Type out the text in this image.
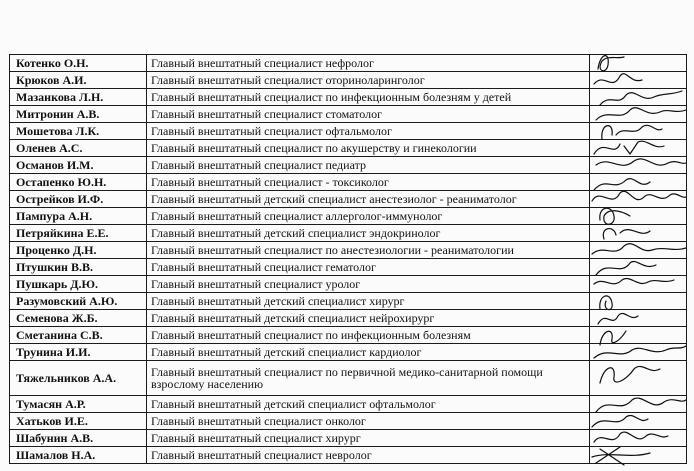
Котенко О.Н.	Главный внештатный специалист нефролог	

Крюков А.И.	Главный внештатный специалист оториноларинголог	

Мазанкова Л.Н.	Главный внештатный специалист по инфекционным болезням у детей	

Митронин А.В.	Главный внештатный специалист стоматолог	

Мошетова Л.К.	Главный внештатный специалист офтальмолог	

Оленев А.С.	Главный внештатный специалист по акушерству и гинекологии	

Османов И.М.	Главный внештатный специалист педиатр	

Остапенко Ю.Н.	Главный внештатный специалист - токсиколог	

Острейков И.Ф.	Главный внештатный детский специалист анестезиолог - реаниматолог	

Пампура А.Н.	Главный внештатный специалист аллерголог-иммунолог	

Петряйкина Е.Е.	Главный внештатный детский специалист эндокринолог	

Проценко Д.Н.	Главный внештатный специалист по анестезиологии - реаниматологии	

Птушкин В.В.	Главный внештатный специалист гематолог	

Пушкарь Д.Ю.	Главный внештатный специалист уролог	

Разумовский А.Ю.	Главный внештатный детский специалист хирург	

Семенова Ж.Б.	Главный внештатный детский специалист нейрохирург	

Сметанина С.В.	Главный внештатный специалист по инфекционным болезням	

Трунина И.И.	Главный внештатный детский специалист кардиолог	

Тяжельников А.А.	Главный внештатный специалист по первичной медико-санитарной помощи взрослому населению	

Тумасян А.Р.	Главный внештатный детский специалист офтальмолог	

Хатьков И.Е.	Главный внештатный специалист онколог	

Шабунин А.В.	Главный внештатный специалист хирург	

Шамалов Н.А.	Главный внештатный специалист невролог	
